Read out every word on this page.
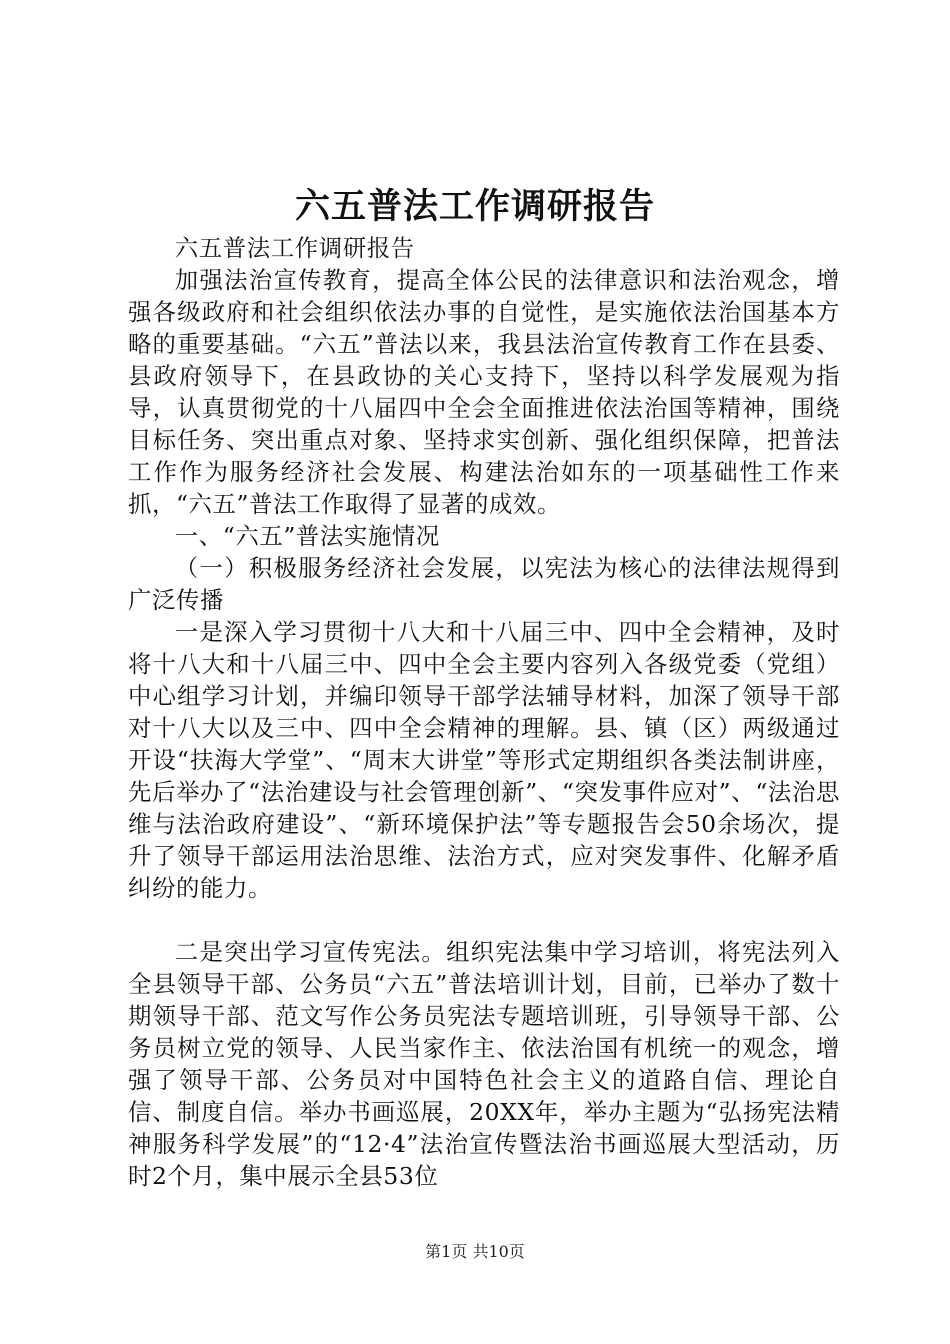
六五普法工作调研报告

六五普法工作调研报告

加强法治宣传教育，提高全体公民的法律意识和法治观念，增强各级政府和社会组织依法办事的自觉性，是实施依法治国基本方略的重要基础。“六五”普法以来，我县法治宣传教育工作在县委、县政府领导下，在县政协的关心支持下，坚持以科学发展观为指导，认真贯彻党的十八届四中全会全面推进依法治国等精神，围绕目标任务、突出重点对象、坚持求实创新、强化组织保障，把普法工作作为服务经济社会发展、构建法治如东的一项基础性工作来抓，“六五”普法工作取得了显著的成效。

一、“六五”普法实施情况

（一）积极服务经济社会发展，以宪法为核心的法律法规得到广泛传播

一是深入学习贯彻十八大和十八届三中、四中全会精神，及时将十八大和十八届三中、四中全会主要内容列入各级党委（党组）中心组学习计划，并编印领导干部学法辅导材料，加深了领导干部对十八大以及三中、四中全会精神的理解。县、镇（区）两级通过开设“扶海大学堂”、“周末大讲堂”等形式定期组织各类法制讲座，先后举办了“法治建设与社会管理创新”、“突发事件应对”、“法治思维与法治政府建设”、“新环境保护法”等专题报告会50余场次，提升了领导干部运用法治思维、法治方式，应对突发事件、化解矛盾纠纷的能力。

二是突出学习宣传宪法。组织宪法集中学习培训，将宪法列入全县领导干部、公务员“六五”普法培训计划，目前，已举办了数十期领导干部、范文写作公务员宪法专题培训班，引导领导干部、公务员树立党的领导、人民当家作主、依法治国有机统一的观念，增强了领导干部、公务员对中国特色社会主义的道路自信、理论自信、制度自信。举办书画巡展，20XX年，举办主题为“弘扬宪法精神服务科学发展”的“12·4”法治宣传暨法治书画巡展大型活动，历时2个月，集中展示全县53位

第1页 共10页
